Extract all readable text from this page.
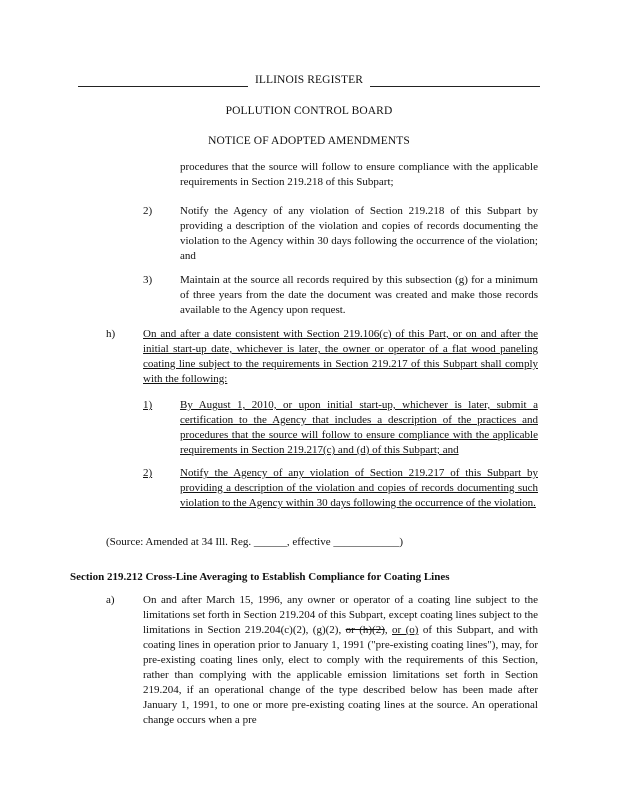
ILLINOIS REGISTER
POLLUTION CONTROL BOARD
NOTICE OF ADOPTED AMENDMENTS
procedures that the source will follow to ensure compliance with the applicable requirements in Section 219.218 of this Subpart;
2)	Notify the Agency of any violation of Section 219.218 of this Subpart by providing a description of the violation and copies of records documenting the violation to the Agency within 30 days following the occurrence of the violation; and
3)	Maintain at the source all records required by this subsection (g) for a minimum of three years from the date the document was created and make those records available to the Agency upon request.
h)	On and after a date consistent with Section 219.106(c) of this Part, or on and after the initial start-up date, whichever is later, the owner or operator of a flat wood paneling coating line subject to the requirements in Section 219.217 of this Subpart shall comply with the following:
1)	By August 1, 2010, or upon initial start-up, whichever is later, submit a certification to the Agency that includes a description of the practices and procedures that the source will follow to ensure compliance with the applicable requirements in Section 219.217(c) and (d) of this Subpart; and
2)	Notify the Agency of any violation of Section 219.217 of this Subpart by providing a description of the violation and copies of records documenting such violation to the Agency within 30 days following the occurrence of the violation.
(Source: Amended at 34 Ill. Reg. ______, effective ____________)
Section 219.212 Cross-Line Averaging to Establish Compliance for Coating Lines
a)	On and after March 15, 1996, any owner or operator of a coating line subject to the limitations set forth in Section 219.204 of this Subpart, except coating lines subject to the limitations in Section 219.204(c)(2), (g)(2), or (h)(2), or (o) of this Subpart, and with coating lines in operation prior to January 1, 1991 ("pre-existing coating lines"), may, for pre-existing coating lines only, elect to comply with the requirements of this Section, rather than complying with the applicable emission limitations set forth in Section 219.204, if an operational change of the type described below has been made after January 1, 1991, to one or more pre-existing coating lines at the source. An operational change occurs when a pre
